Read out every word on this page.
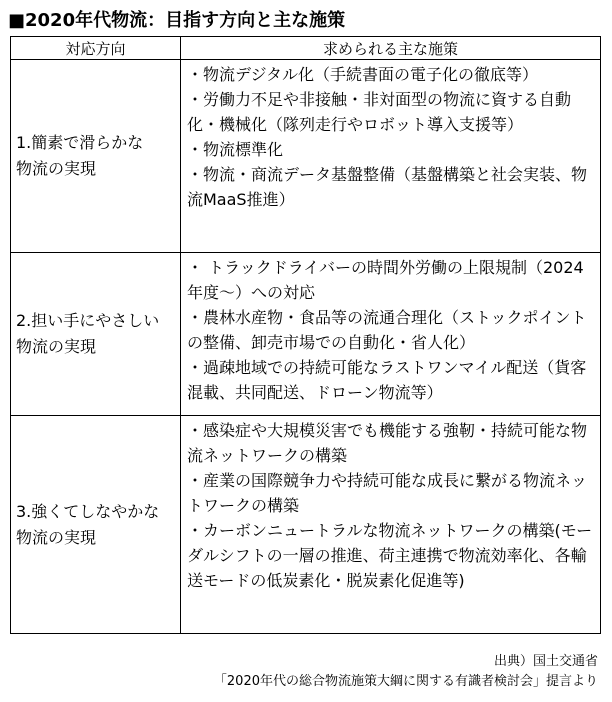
■2020年代物流：目指す方向と主な施策
対応方向	求められる主な施策

1.簡素で滑らかな
物流の実現	・物流デジタル化（手続書面の電子化の徹底等）
・労働力不足や非接触・非対面型の物流に資する自動化・機械化（隊列走行やロボット導入支援等）
・物流標準化
・物流・商流データ基盤整備（基盤構築と社会実装、物流MaaS推進）

2.担い手にやさしい
物流の実現	・ トラックドライバーの時間外労働の上限規制（2024年度～）への対応
・農林水産物・食品等の流通合理化（ストックポイントの整備、卸売市場での自動化・省人化）
・過疎地域での持続可能なラストワンマイル配送（貨客混載、共同配送、ドローン物流等）

3.強くてしなやかな
物流の実現	・感染症や大規模災害でも機能する強靭・持続可能な物流ネットワークの構築
・産業の国際競争力や持続可能な成長に繋がる物流ネットワークの構築
・カーボンニュートラルな物流ネットワークの構築(モーダルシフトの一層の推進、荷主連携で物流効率化、各輸送モードの低炭素化・脱炭素化促進等)
出典）国土交通省
「2020年代の総合物流施策大綱に関する有識者検討会」提言より
